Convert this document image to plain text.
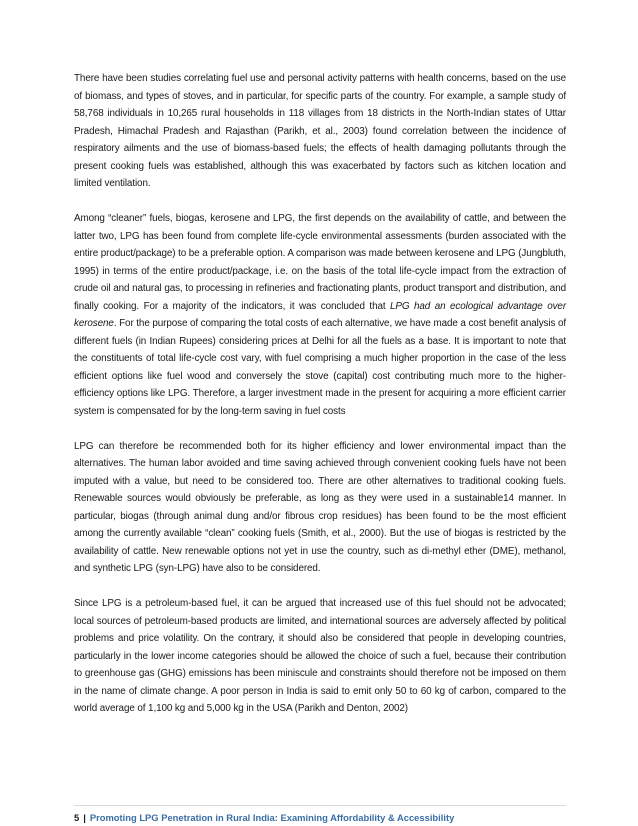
There have been studies correlating fuel use and personal activity patterns with health concerns, based on the use of biomass, and types of stoves, and in particular, for specific parts of the country. For example, a sample study of 58,768 individuals in 10,265 rural households in 118 villages from 18 districts in the North-Indian states of Uttar Pradesh, Himachal Pradesh and Rajasthan (Parikh, et al., 2003) found correlation between the incidence of respiratory ailments and the use of biomass-based fuels; the effects of health damaging pollutants through the present cooking fuels was established, although this was exacerbated by factors such as kitchen location and limited ventilation.

Among “cleaner” fuels, biogas, kerosene and LPG, the first depends on the availability of cattle, and between the latter two, LPG has been found from complete life-cycle environmental assessments (burden associated with the entire product/package) to be a preferable option. A comparison was made between kerosene and LPG (Jungbluth, 1995) in terms of the entire product/package, i.e. on the basis of the total life-cycle impact from the extraction of crude oil and natural gas, to processing in refineries and fractionating plants, product transport and distribution, and finally cooking. For a majority of the indicators, it was concluded that LPG had an ecological advantage over kerosene. For the purpose of comparing the total costs of each alternative, we have made a cost benefit analysis of different fuels (in Indian Rupees) considering prices at Delhi for all the fuels as a base. It is important to note that the constituents of total life-cycle cost vary, with fuel comprising a much higher proportion in the case of the less efficient options like fuel wood and conversely the stove (capital) cost contributing much more to the higher-efficiency options like LPG. Therefore, a larger investment made in the present for acquiring a more efficient carrier system is compensated for by the long-term saving in fuel costs

LPG can therefore be recommended both for its higher efficiency and lower environmental impact than the alternatives. The human labor avoided and time saving achieved through convenient cooking fuels have not been imputed with a value, but need to be considered too. There are other alternatives to traditional cooking fuels. Renewable sources would obviously be preferable, as long as they were used in a sustainable14 manner. In particular, biogas (through animal dung and/or fibrous crop residues) has been found to be the most efficient among the currently available “clean” cooking fuels (Smith, et al., 2000). But the use of biogas is restricted by the availability of cattle. New renewable options not yet in use the country, such as di-methyl ether (DME), methanol, and synthetic LPG (syn-LPG) have also to be considered.

Since LPG is a petroleum-based fuel, it can be argued that increased use of this fuel should not be advocated; local sources of petroleum-based products are limited, and international sources are adversely affected by political problems and price volatility. On the contrary, it should also be considered that people in developing countries, particularly in the lower income categories should be allowed the choice of such a fuel, because their contribution to greenhouse gas (GHG) emissions has been miniscule and constraints should therefore not be imposed on them in the name of climate change. A poor person in India is said to emit only 50 to 60 kg of carbon, compared to the world average of 1,100 kg and 5,000 kg in the USA (Parikh and Denton, 2002)

5 | Promoting LPG Penetration in Rural India: Examining Affordability & Accessibility
